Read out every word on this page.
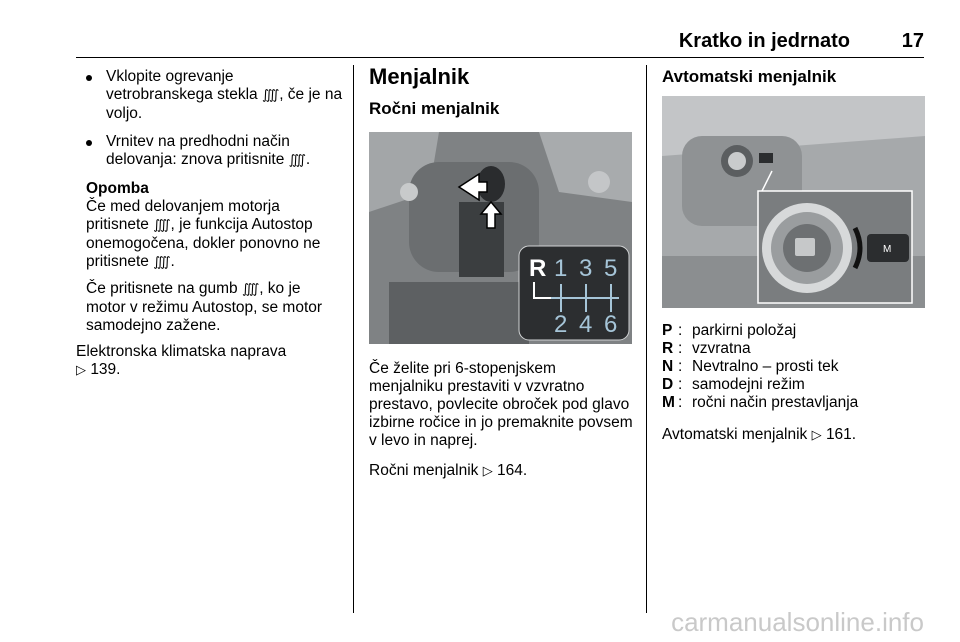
Kratko in jedrnato	17
Vklopite ogrevanje vetrobranskega stekla ⨌, če je na voljo.
Vrnitev na predhodni način delovanja: znova pritisnite ⨌.
Opomba

Če med delovanjem motorja pritisnete ⨌, je funkcija Autostop onemogočena, dokler ponovno ne pritisnete ⨌.

Če pritisnete na gumb ⨌, ko je motor v režimu Autostop, se motor samodejno zažene.

Elektronska klimatska naprava
▷ 139.

Menjalnik
Ročni menjalnik
R 1 3 5
2 4 6

Če želite pri 6-stopenjskem menjalniku prestaviti v vzvratno prestavo, povlecite obroček pod glavo izbirne ročice in jo premaknite povsem v levo in naprej.

Ročni menjalnik ▷ 164.

Avtomatski menjalnik
M
P : parkirni položaj
R : vzvratna
N : Nevtralno – prosti tek
D : samodejni režim
M : ročni način prestavljanja

Avtomatski menjalnik ▷ 161.

carmanualsonline.info
